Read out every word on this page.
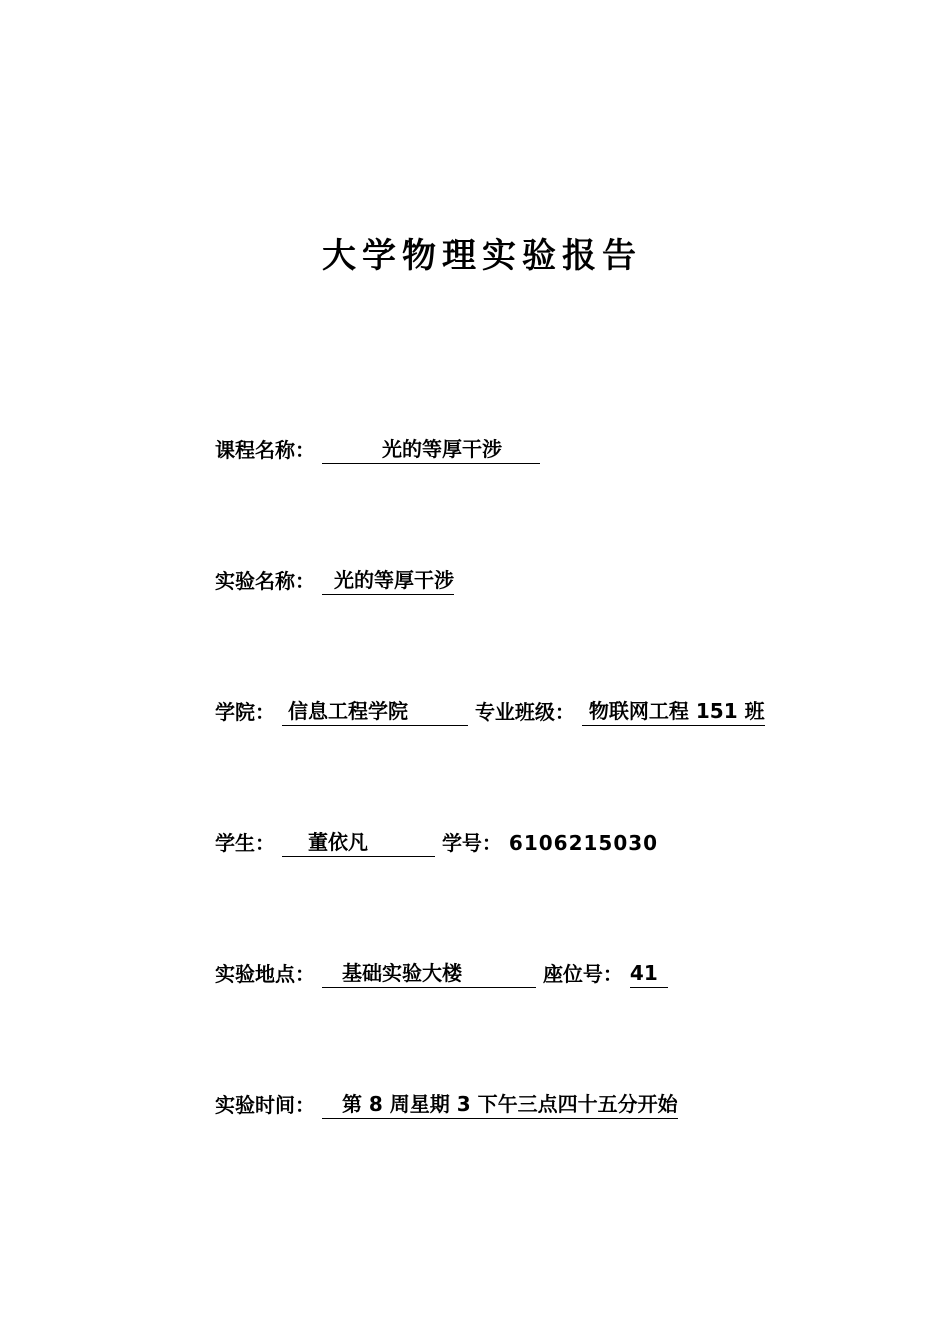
大学物理实验报告
课程名称：	光的等厚干涉
实验名称： 光的等厚干涉
学院： 信息工程学院	专业班级： 物联网工程 151 班
学生： 董依凡	学号： 6106215030
实验地点： 基础实验大楼	座位号： 41
实验时间： 第 8 周星期 3 下午三点四十五分开始
